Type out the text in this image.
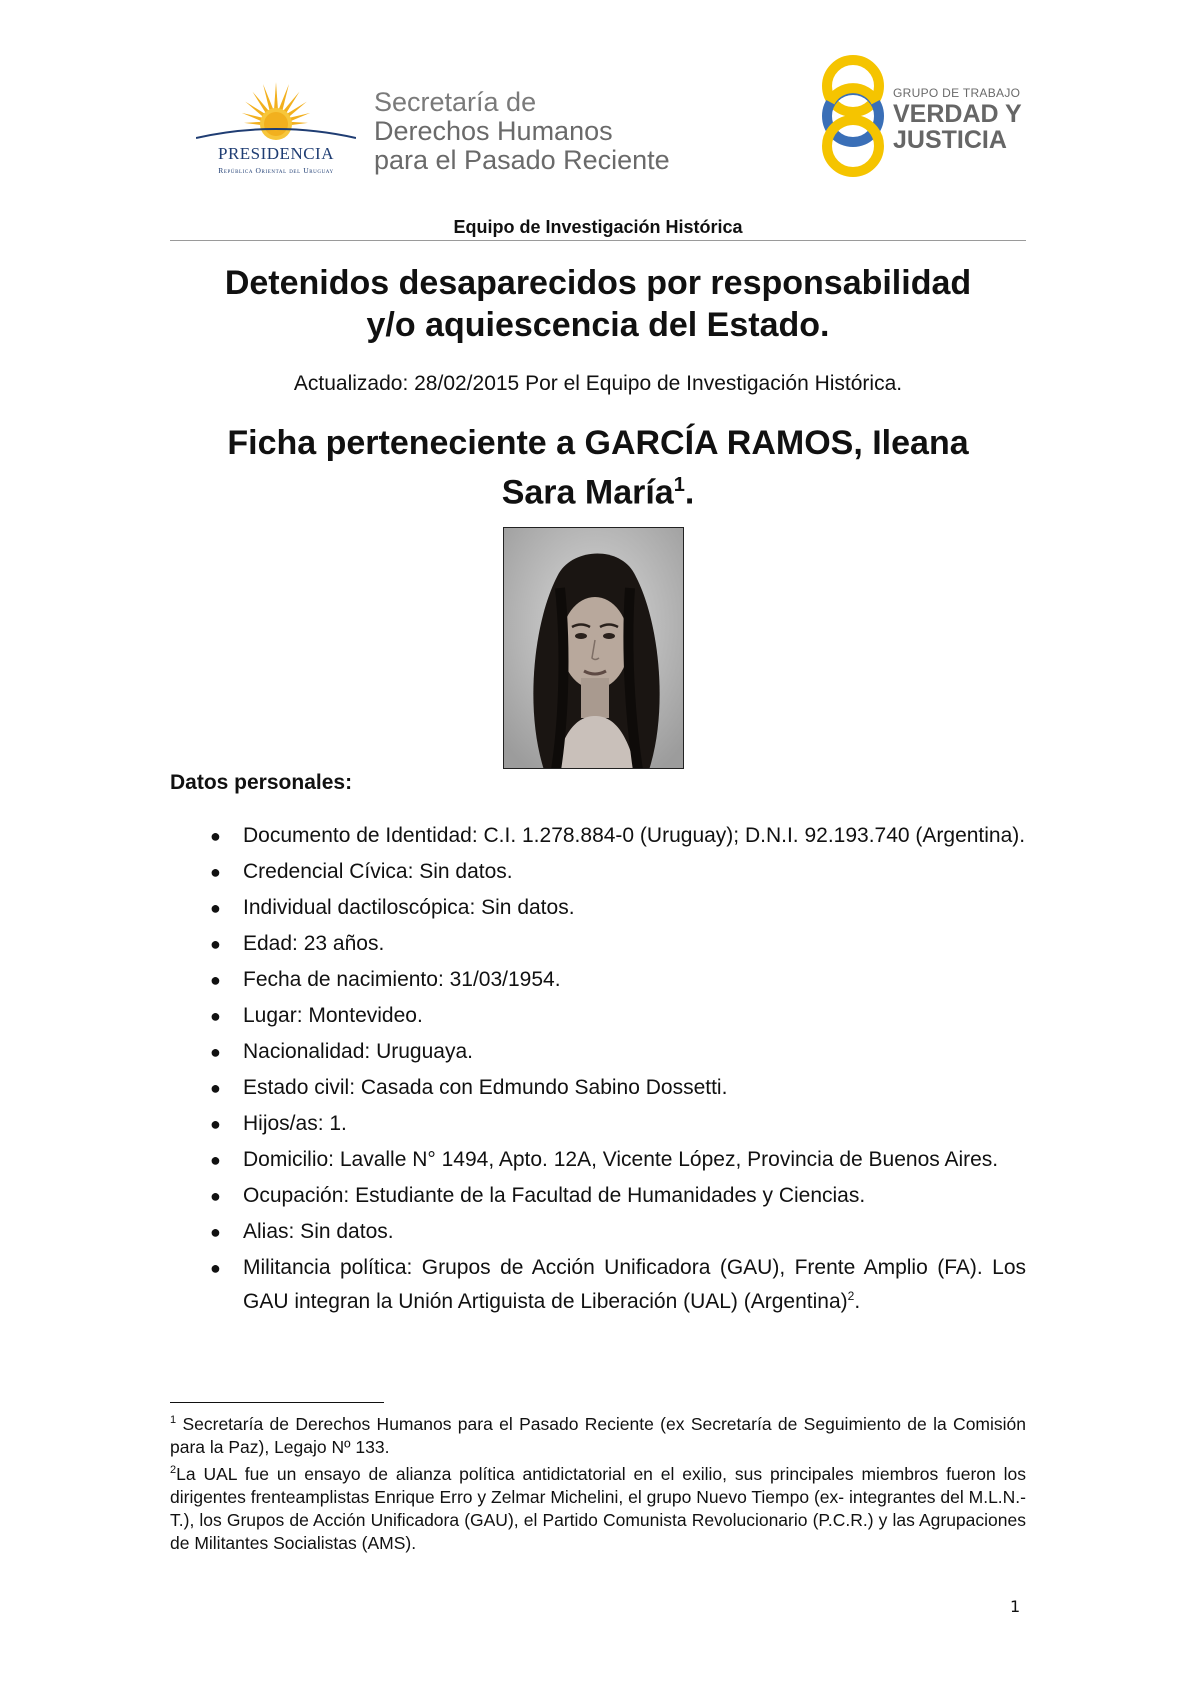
PRESIDENCIA
República Oriental del Uruguay
Secretaría de
Derechos Humanos
para el Pasado Reciente
GRUPO DE TRABAJO
VERDAD Y
JUSTICIA
Equipo de Investigación Histórica
Detenidos desaparecidos por responsabilidad
y/o aquiescencia del Estado.
Actualizado: 28/02/2015 Por el Equipo de Investigación Histórica.
Ficha perteneciente a GARCÍA RAMOS, Ileana
Sara María$^1$.
Datos personales:
● Documento de Identidad: C.I. 1.278.884-0 (Uruguay); D.N.I. 92.193.740 (Argentina).
● Credencial Cívica: Sin datos.
● Individual dactiloscópica: Sin datos.
● Edad: 23 años.
● Fecha de nacimiento: 31/03/1954.
● Lugar: Montevideo.
● Nacionalidad: Uruguaya.
● Estado civil: Casada con Edmundo Sabino Dossetti.
● Hijos/as: 1.
● Domicilio: Lavalle N° 1494, Apto. 12A, Vicente López, Provincia de Buenos Aires.
● Ocupación: Estudiante de la Facultad de Humanidades y Ciencias.
● Alias: Sin datos.
● Militancia política: Grupos de Acción Unificadora (GAU), Frente Amplio (FA). Los GAU integran la Unión Artiguista de Liberación (UAL) (Argentina)$^2$.

$^1$ Secretaría de Derechos Humanos para el Pasado Reciente (ex Secretaría de Seguimiento de la Comisión para la Paz), Legajo Nº 133.

$^2$La UAL fue un ensayo de alianza política antidictatorial en el exilio, sus principales miembros fueron los dirigentes frenteamplistas Enrique Erro y Zelmar Michelini, el grupo Nuevo Tiempo (ex- integrantes del M.L.N.-T.), los Grupos de Acción Unificadora (GAU), el Partido Comunista Revolucionario (P.C.R.) y las Agrupaciones de Militantes Socialistas (AMS).

1
